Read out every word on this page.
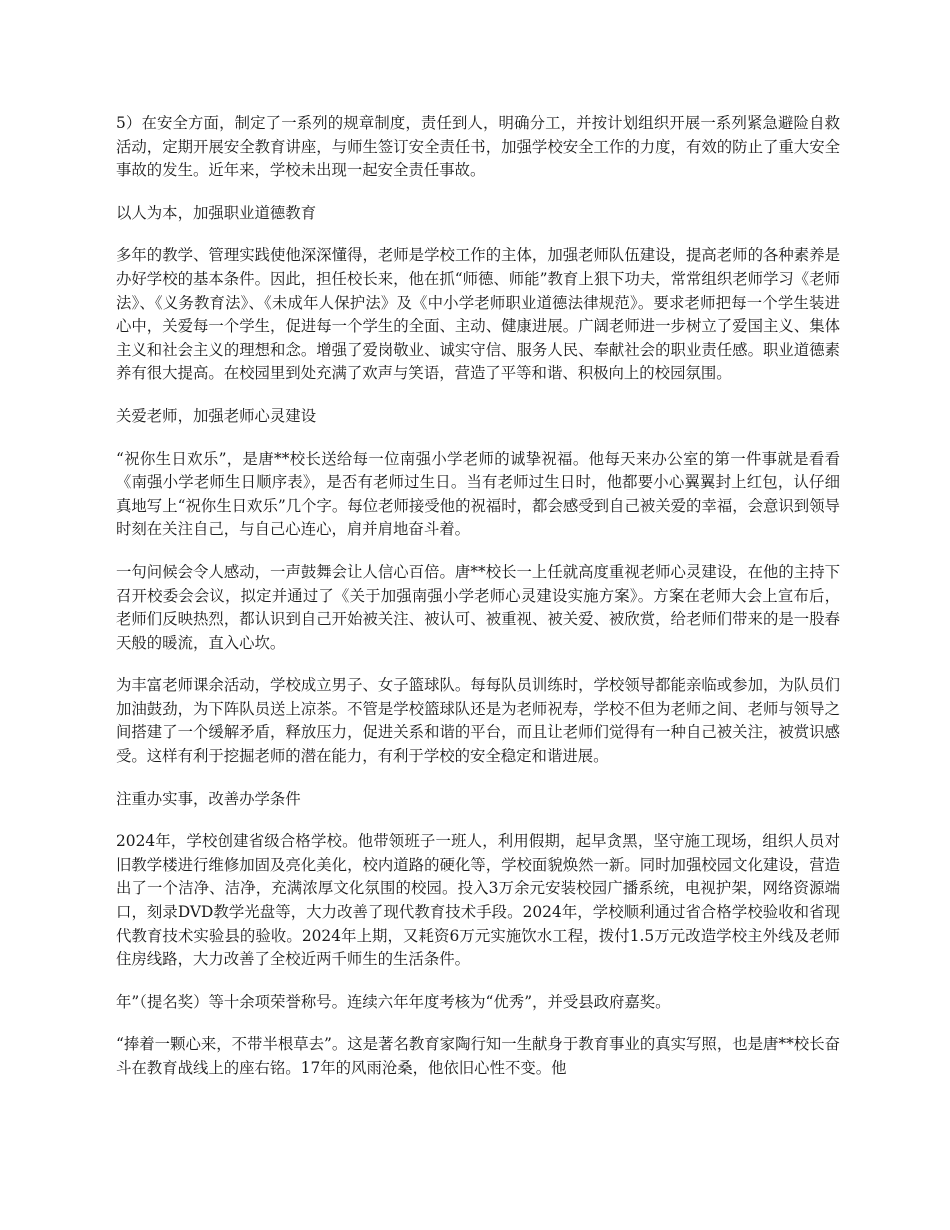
5）在安全方面，制定了一系列的规章制度，责任到人，明确分工，并按计划组织开展一系列紧急避险自救活动，定期开展安全教育讲座，与师生签订安全责任书，加强学校安全工作的力度，有效的防止了重大安全事故的发生。近年来，学校未出现一起安全责任事故。

以人为本，加强职业道德教育

多年的教学、管理实践使他深深懂得，老师是学校工作的主体，加强老师队伍建设，提高老师的各种素养是办好学校的基本条件。因此，担任校长来，他在抓“师德、师能”教育上狠下功夫，常常组织老师学习《老师法》、《义务教育法》、《未成年人保护法》及《中小学老师职业道德法律规范》。要求老师把每一个学生装进心中，关爱每一个学生，促进每一个学生的全面、主动、健康进展。广阔老师进一步树立了爱国主义、集体主义和社会主义的理想和念。增强了爱岗敬业、诚实守信、服务人民、奉献社会的职业责任感。职业道德素养有很大提高。在校园里到处充满了欢声与笑语，营造了平等和谐、积极向上的校园氛围。

关爱老师，加强老师心灵建设

“祝你生日欢乐”，是唐**校长送给每一位南强小学老师的诚挚祝福。他每天来办公室的第一件事就是看看《南强小学老师生日顺序表》，是否有老师过生日。当有老师过生日时，他都要小心翼翼封上红包，认仔细真地写上“祝你生日欢乐”几个字。每位老师接受他的祝福时，都会感受到自己被关爱的幸福，会意识到领导时刻在关注自己，与自己心连心，肩并肩地奋斗着。

一句问候会令人感动，一声鼓舞会让人信心百倍。唐**校长一上任就高度重视老师心灵建设，在他的主持下召开校委会会议，拟定并通过了《关于加强南强小学老师心灵建设实施方案》。方案在老师大会上宣布后，老师们反映热烈，都认识到自己开始被关注、被认可、被重视、被关爱、被欣赏，给老师们带来的是一股春天般的暖流，直入心坎。

为丰富老师课余活动，学校成立男子、女子篮球队。每每队员训练时，学校领导都能亲临或参加，为队员们加油鼓劲，为下阵队员送上凉茶。不管是学校篮球队还是为老师祝寿，学校不但为老师之间、老师与领导之间搭建了一个缓解矛盾，释放压力，促进关系和谐的平台，而且让老师们觉得有一种自己被关注，被赏识感受。这样有利于挖掘老师的潜在能力，有利于学校的安全稳定和谐进展。

注重办实事，改善办学条件

2024年，学校创建省级合格学校。他带领班子一班人，利用假期，起早贪黑，坚守施工现场，组织人员对旧教学楼进行维修加固及亮化美化，校内道路的硬化等，学校面貌焕然一新。同时加强校园文化建设，营造出了一个洁净、洁净，充满浓厚文化氛围的校园。投入3万余元安装校园广播系统，电视护架，网络资源端口，刻录DVD教学光盘等，大力改善了现代教育技术手段。2024年，学校顺利通过省合格学校验收和省现代教育技术实验县的验收。2024年上期，又耗资6万元实施饮水工程，拨付1.5万元改造学校主外线及老师住房线路，大力改善了全校近两千师生的生活条件。

年”（提名奖）等十余项荣誉称号。连续六年年度考核为“优秀”，并受县政府嘉奖。

“捧着一颗心来，不带半根草去”。这是著名教育家陶行知一生献身于教育事业的真实写照，也是唐**校长奋斗在教育战线上的座右铭。17年的风雨沧桑，他依旧心性不变。他
